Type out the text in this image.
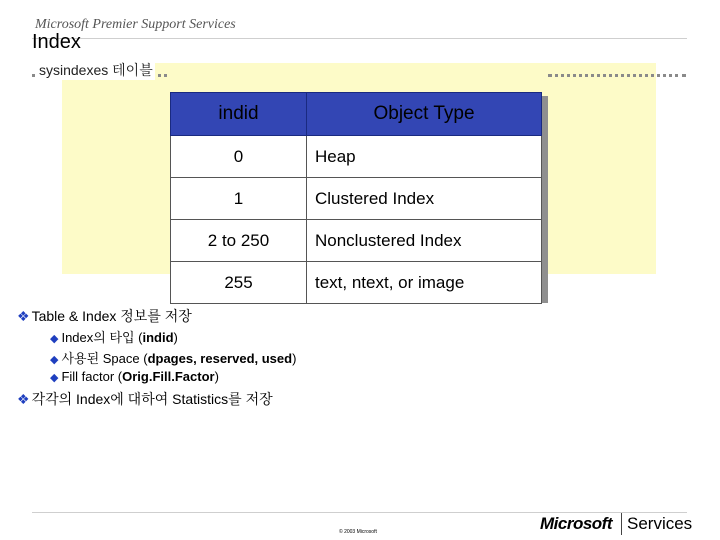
Microsoft Premier Support Services
Index
sysindexes 테이블
indid	Object Type
0	Heap
1	Clustered Index
2 to 250	Nonclustered Index
255	text, ntext, or image
❖ Table & Index 정보를 저장
◆ Index의 타입 (indid)
◆ 사용된 Space (dpages, reserved, used)
◆ Fill factor (Orig.Fill.Factor)
❖ 각각의 Index에 대하여 Statistics를 저장
© 2003 Microsoft	Microsoft Services
